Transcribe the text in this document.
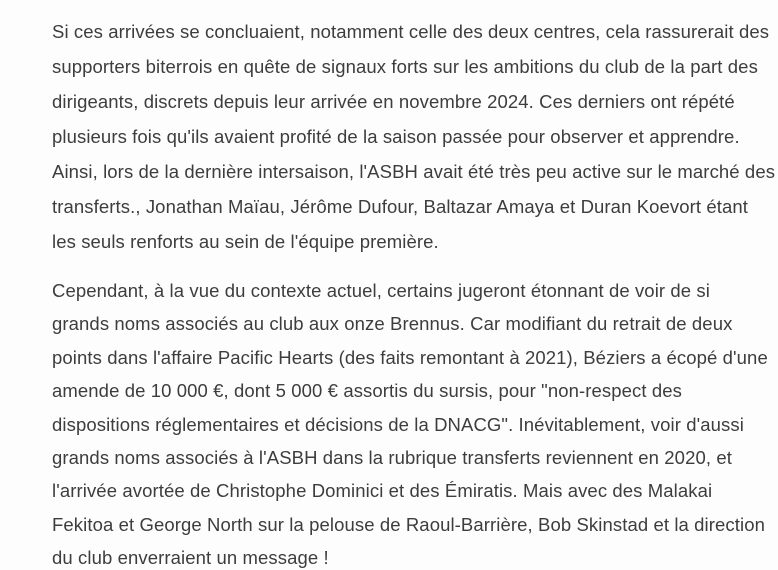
Si ces arrivées se concluaient, notamment celle des deux centres, cela rassurerait des
supporters biterrois en quête de signaux forts sur les ambitions du club de la part des
dirigeants, discrets depuis leur arrivée en novembre 2024. Ces derniers ont répété
plusieurs fois qu'ils avaient profité de la saison passée pour observer et apprendre.
Ainsi, lors de la dernière intersaison, l'ASBH avait été très peu active sur le marché des
transferts., Jonathan Maïau, Jérôme Dufour, Baltazar Amaya et Duran Koevort étant
les seuls renforts au sein de l'équipe première.
Cependant, à la vue du contexte actuel, certains jugeront étonnant de voir de si
grands noms associés au club aux onze Brennus. Car modifiant du retrait de deux
points dans l'affaire Pacific Hearts (des faits remontant à 2021), Béziers a écopé d'une
amende de 10 000 €, dont 5 000 € assortis du sursis, pour "non-respect des
dispositions réglementaires et décisions de la DNACG". Inévitablement, voir d'aussi
grands noms associés à l'ASBH dans la rubrique transferts reviennent en 2020, et
l'arrivée avortée de Christophe Dominici et des Émiratis. Mais avec des Malakai
Fekitoa et George North sur la pelouse de Raoul-Barrière, Bob Skinstad et la direction
du club enverraient un message !
